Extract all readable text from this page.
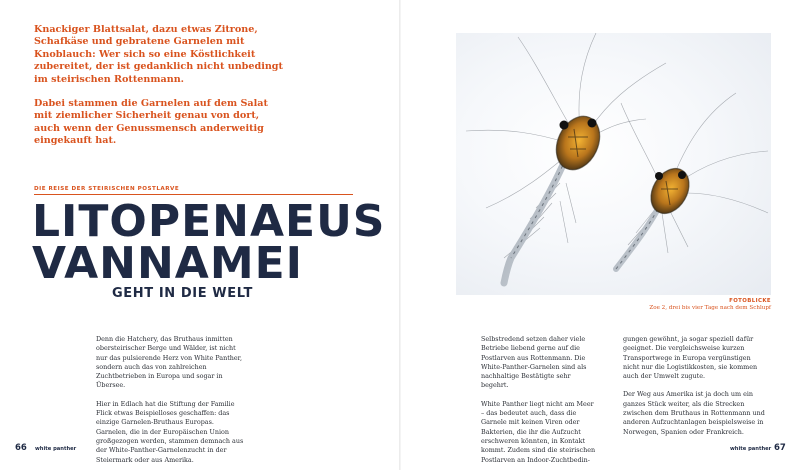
Knackiger Blattsalat, dazu etwas Zitrone, Schafkäse und gebratene Garnelen mit Knoblauch: Wer sich so eine Köstlichkeit zubereitet, der ist gedanklich nicht unbedingt im steirischen Rottenmann.

Dabei stammen die Garnelen auf dem Salat mit ziemlicher Sicherheit genau von dort, auch wenn der Genussmensch anderweitig eingekauft hat.

DIE REISE DER STEIRISCHEN POSTLARVE
LITOPENAEUS
VANNAMEI
GEHT IN DIE WELT

Denn die Hatchery, das Bruthaus inmitten obersteirischer Berge und Wälder, ist nicht nur das pulsierende Herz von White Panther, sondern auch das von zahlreichen Zuchtbetrieben in Europa und sogar in Übersee.

Hier in Edlach hat die Stiftung der Familie Flick etwas Beispielloses geschaffen: das einzige Garnelen-Bruthaus Europas. Garnelen, die in der Europäischen Union großgezogen werden, stammen demnach aus der White-Panther-Garnelenzucht in der Steiermark oder aus Amerika.

66 white panther
FOTOBLICKE
Zoe 2, drei bis vier Tage nach dem Schlupf

Selbstredend setzen daher viele Betriebe liebend gerne auf die Postlarven aus Rottenmann. Die White-Panther-Garnelen sind als nachhaltige Bestätigte sehr begehrt.

White Panther liegt nicht am Meer – das bedeutet auch, dass die Garnele mit keinen Viren oder Bakterien, die ihr die Aufzucht erschweren könnten, in Kontakt kommt. Zudem sind die steirischen Postlarven an Indoor-Zuchtbedin-

gungen gewöhnt, ja sogar speziell dafür geeignet. Die vergleichsweise kurzen Transportwege in Europa vergünstigen nicht nur die Logistikkosten, sie kommen auch der Umwelt zugute.

Der Weg aus Amerika ist ja doch um ein ganzes Stück weiter, als die Strecken zwischen dem Bruthaus in Rottenmann und anderen Aufzuchtanlagen beispielsweise in Norwegen, Spanien oder Frankreich.

white panther 67
